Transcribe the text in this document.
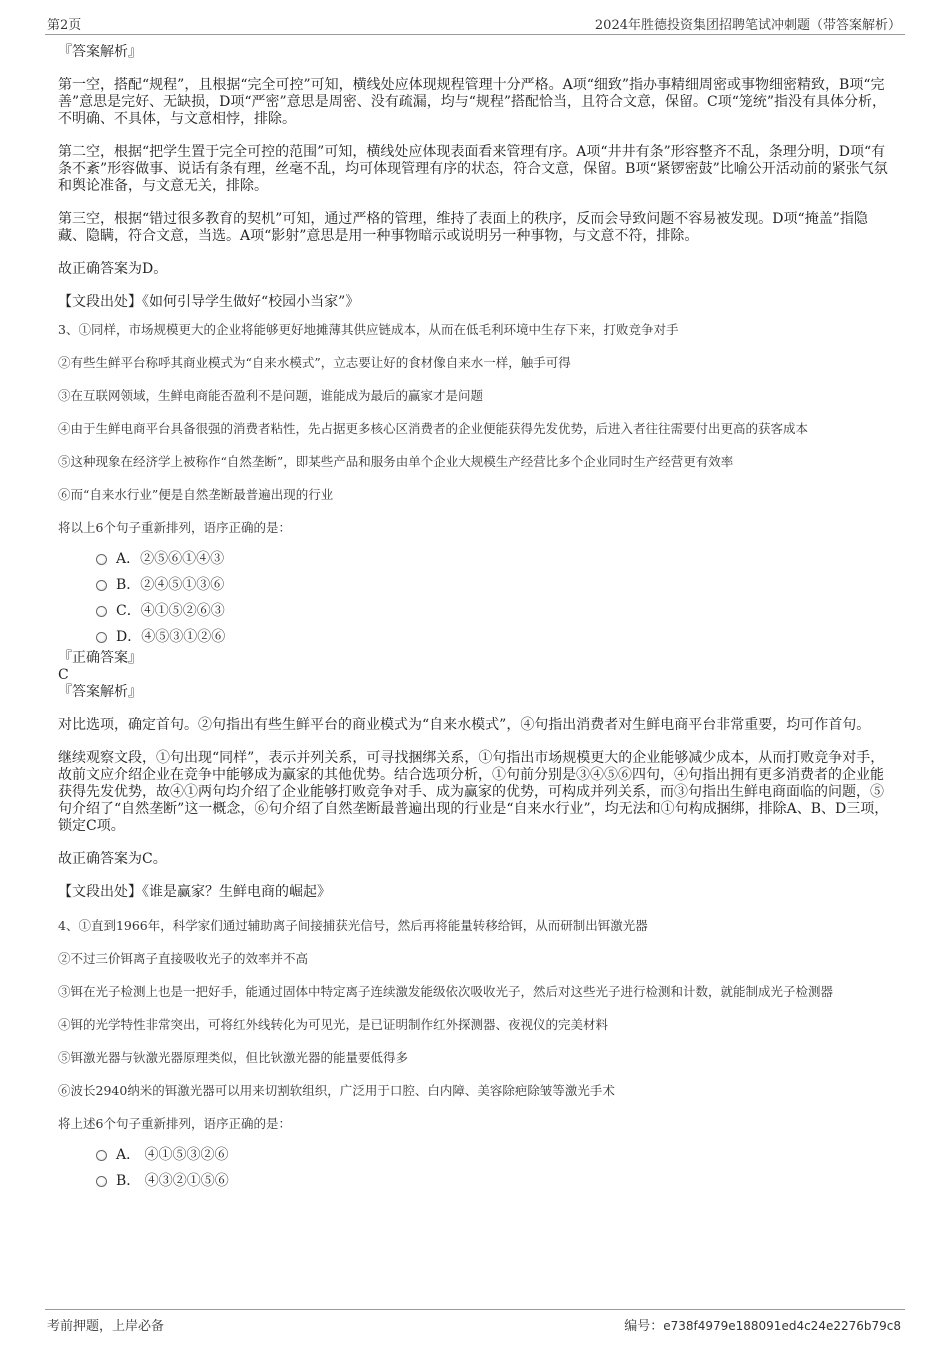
第2页	2024年胜德投资集团招聘笔试冲刺题（带答案解析）

『答案解析』

第一空，搭配“规程”，且根据“完全可控”可知，横线处应体现规程管理十分严格。A项“细致”指办事精细周密或事物细密精致，B项“完善”意思是完好、无缺损，D项“严密”意思是周密、没有疏漏，均与“规程”搭配恰当，且符合文意，保留。C项“笼统”指没有具体分析，不明确、不具体，与文意相悖，排除。

第二空，根据“把学生置于完全可控的范围”可知，横线处应体现表面看来管理有序。A项“井井有条”形容整齐不乱，条理分明，D项“有条不紊”形容做事、说话有条有理，丝毫不乱，均可体现管理有序的状态，符合文意，保留。B项“紧锣密鼓”比喻公开活动前的紧张气氛和舆论准备，与文意无关，排除。

第三空，根据“错过很多教育的契机”可知，通过严格的管理，维持了表面上的秩序，反而会导致问题不容易被发现。D项“掩盖”指隐藏、隐瞒，符合文意，当选。A项“影射”意思是用一种事物暗示或说明另一种事物，与文意不符，排除。

故正确答案为D。

【文段出处】《如何引导学生做好“校园小当家”》

3、①同样，市场规模更大的企业将能够更好地摊薄其供应链成本，从而在低毛利环境中生存下来，打败竞争对手

②有些生鲜平台称呼其商业模式为“自来水模式”，立志要让好的食材像自来水一样，触手可得

③在互联网领域，生鲜电商能否盈利不是问题，谁能成为最后的赢家才是问题

④由于生鲜电商平台具备很强的消费者粘性，先占据更多核心区消费者的企业便能获得先发优势，后进入者往往需要付出更高的获客成本

⑤这种现象在经济学上被称作“自然垄断”，即某些产品和服务由单个企业大规模生产经营比多个企业同时生产经营更有效率

⑥而“自来水行业”便是自然垄断最普遍出现的行业

将以上6个句子重新排列，语序正确的是：

A．②⑤⑥①④③
B．②④⑤①③⑥
C．④①⑤②⑥③
D．④⑤③①②⑥

『正确答案』

C

『答案解析』

对比选项，确定首句。②句指出有些生鲜平台的商业模式为“自来水模式”，④句指出消费者对生鲜电商平台非常重要，均可作首句。

继续观察文段，①句出现“同样”，表示并列关系，可寻找捆绑关系，①句指出市场规模更大的企业能够减少成本，从而打败竞争对手，故前文应介绍企业在竞争中能够成为赢家的其他优势。结合选项分析，①句前分别是③④⑤⑥四句，④句指出拥有更多消费者的企业能获得先发优势，故④①两句均介绍了企业能够打败竞争对手、成为赢家的优势，可构成并列关系，而③句指出生鲜电商面临的问题，⑤句介绍了“自然垄断”这一概念，⑥句介绍了自然垄断最普遍出现的行业是“自来水行业”，均无法和①句构成捆绑，排除A、B、D三项，锁定C项。

故正确答案为C。

【文段出处】《谁是赢家？生鲜电商的崛起》

4、①直到1966年，科学家们通过辅助离子间接捕获光信号，然后再将能量转移给铒，从而研制出铒激光器

②不过三价铒离子直接吸收光子的效率并不高

③铒在光子检测上也是一把好手，能通过固体中特定离子连续激发能级依次吸收光子，然后对这些光子进行检测和计数，就能制成光子检测器

④铒的光学特性非常突出，可将红外线转化为可见光，是已证明制作红外探测器、夜视仪的完美材料

⑤铒激光器与钬激光器原理类似，但比钬激光器的能量要低得多

⑥波长2940纳米的铒激光器可以用来切割软组织，广泛用于口腔、白内障、美容除疤除皱等激光手术

将上述6个句子重新排列，语序正确的是：

A． ④①⑤③②⑥
B． ④③②①⑤⑥
考前押题，上岸必备	编号：e738f4979e188091ed4c24e2276b79c8
